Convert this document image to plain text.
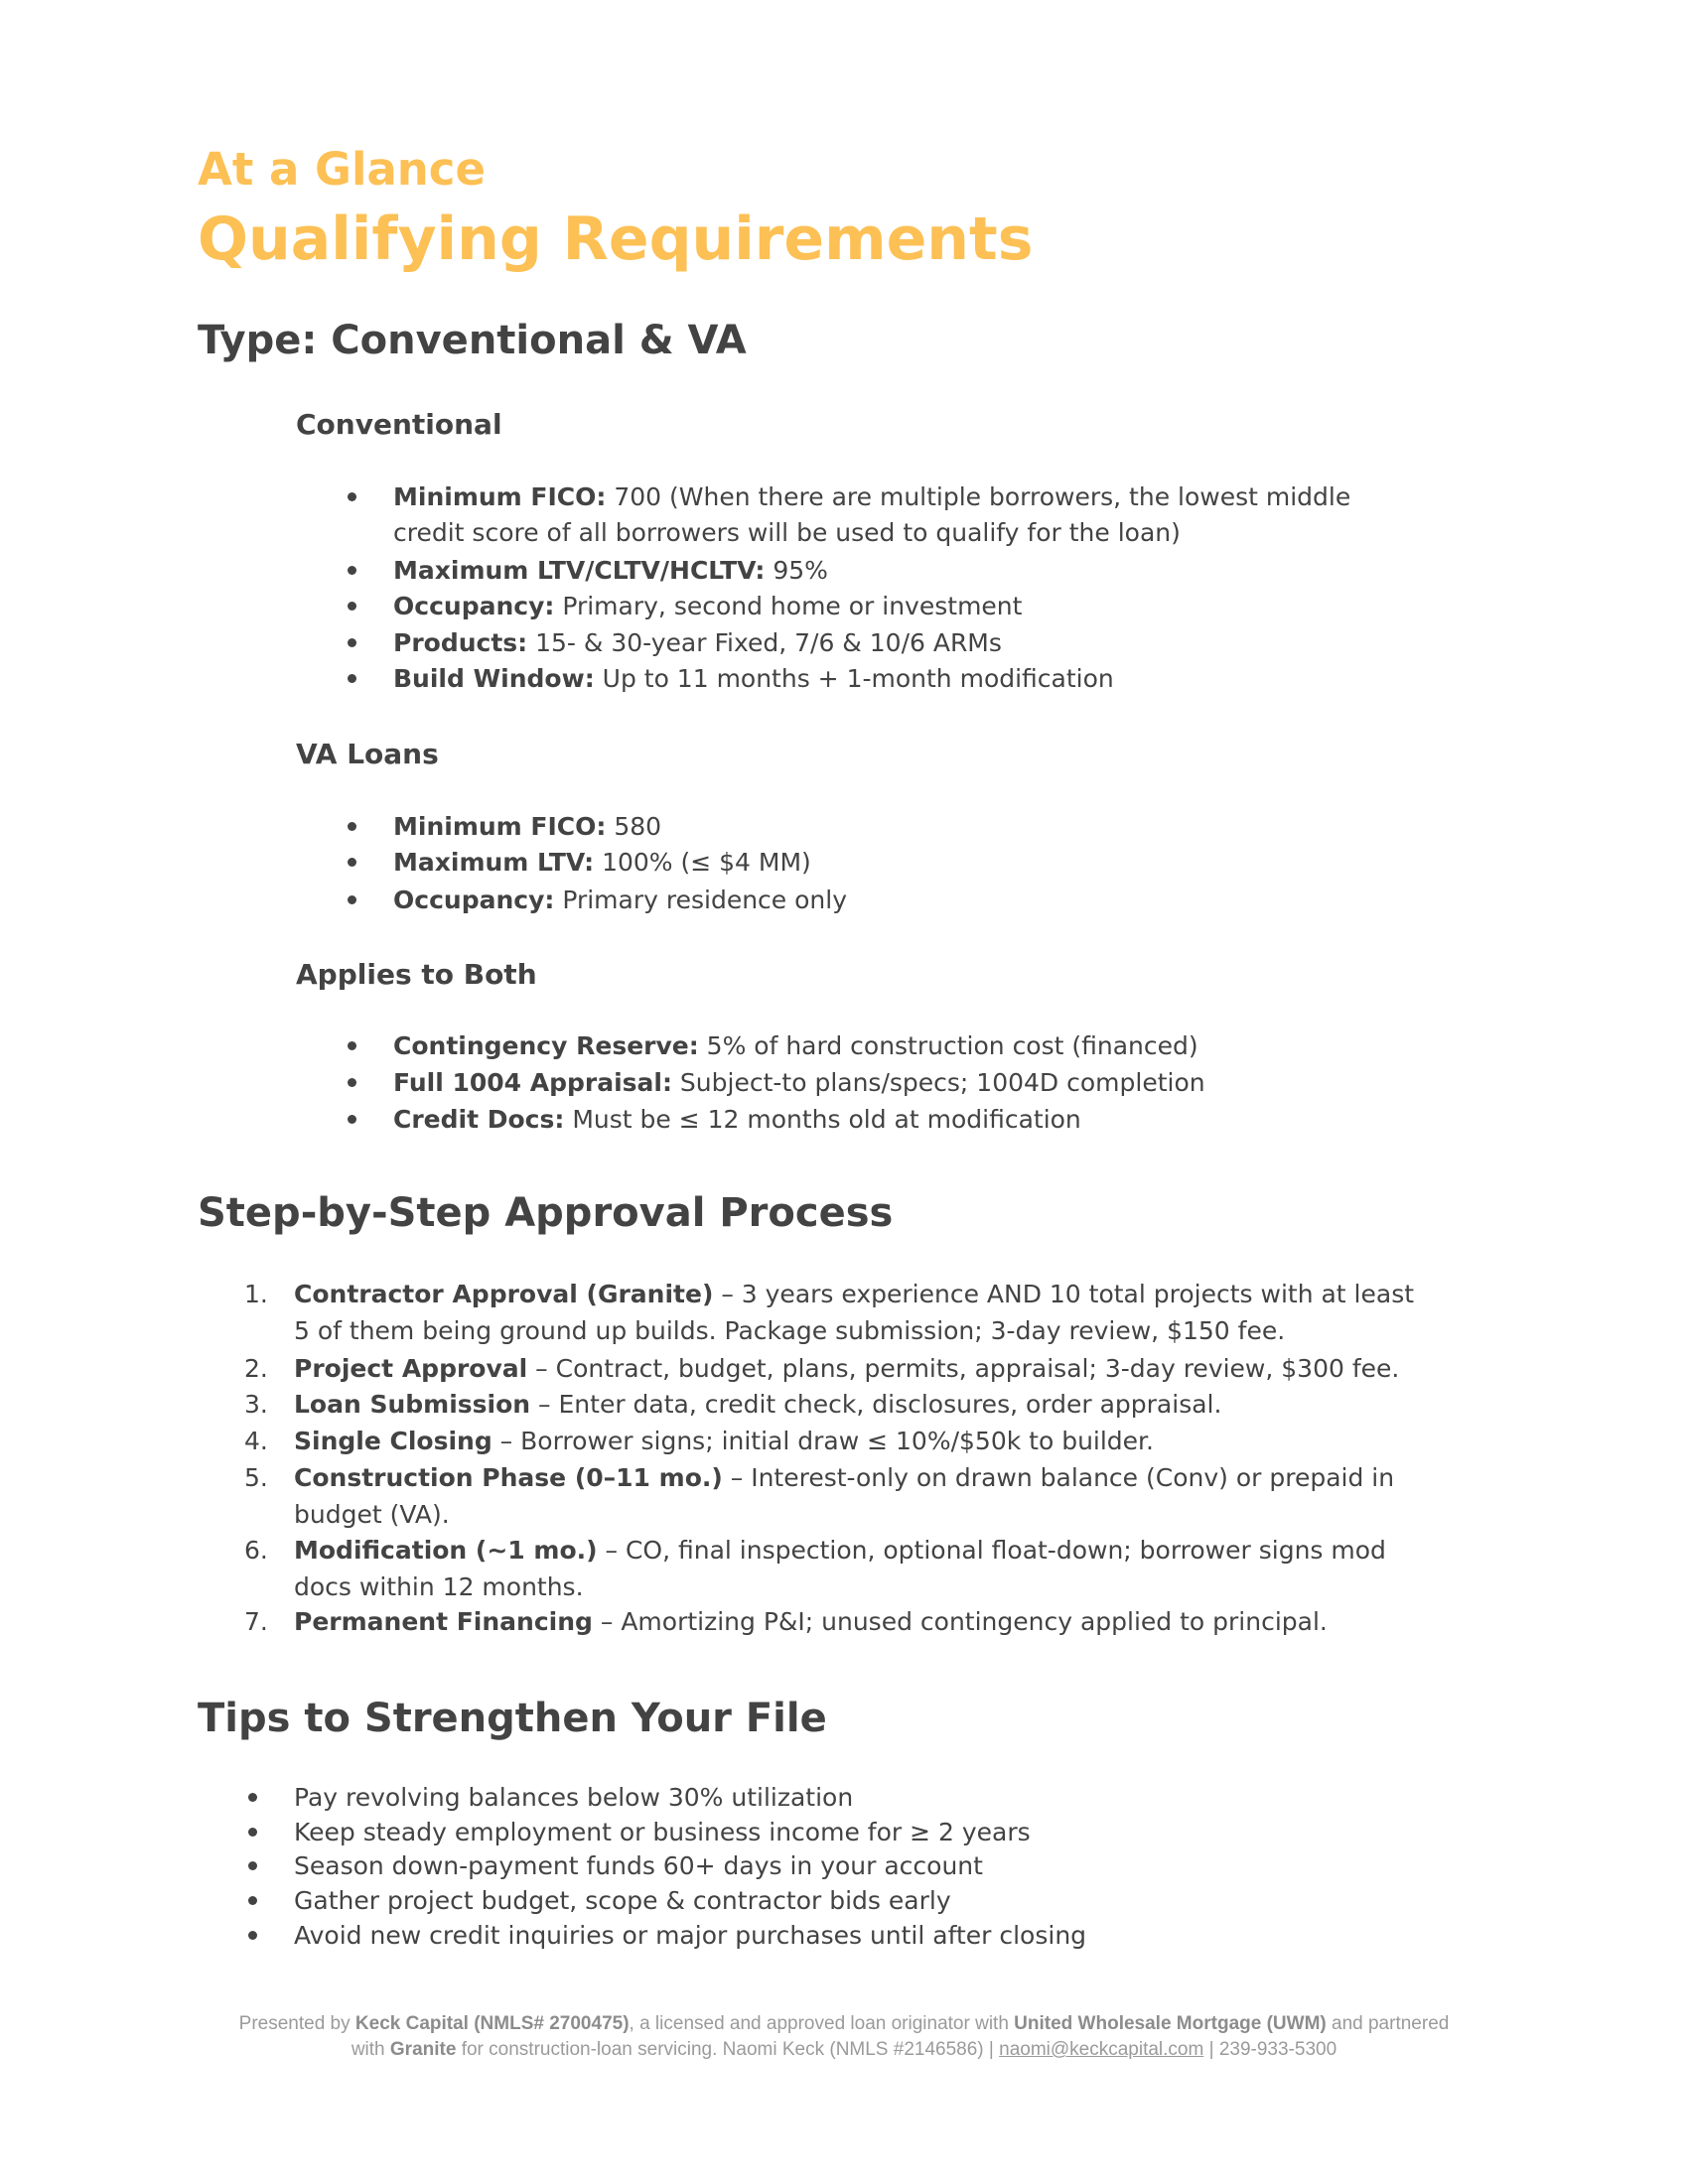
At a Glance
Qualifying Requirements
Type: Conventional & VA
Conventional
Minimum FICO: 700 (When there are multiple borrowers, the lowest middle
credit score of all borrowers will be used to qualify for the loan)
Maximum LTV/CLTV/HCLTV: 95%
Occupancy: Primary, second home or investment
Products: 15- & 30-year Fixed, 7/6 & 10/6 ARMs
Build Window: Up to 11 months + 1-month modification
VA Loans
Minimum FICO: 580
Maximum LTV: 100% (≤ $4 MM)
Occupancy: Primary residence only
Applies to Both
Contingency Reserve: 5% of hard construction cost (financed)
Full 1004 Appraisal: Subject-to plans/specs; 1004D completion
Credit Docs: Must be ≤ 12 months old at modification
Step-by-Step Approval Process
1. Contractor Approval (Granite) – 3 years experience AND 10 total projects with at least
5 of them being ground up builds. Package submission; 3-day review, $150 fee.
2. Project Approval – Contract, budget, plans, permits, appraisal; 3-day review, $300 fee.
3. Loan Submission – Enter data, credit check, disclosures, order appraisal.
4. Single Closing – Borrower signs; initial draw ≤ 10%/$50k to builder.
5. Construction Phase (0–11 mo.) – Interest-only on drawn balance (Conv) or prepaid in
budget (VA).
6. Modification (~1 mo.) – CO, final inspection, optional float-down; borrower signs mod
docs within 12 months.
7. Permanent Financing – Amortizing P&I; unused contingency applied to principal.
Tips to Strengthen Your File
Pay revolving balances below 30% utilization
Keep steady employment or business income for ≥ 2 years
Season down-payment funds 60+ days in your account
Gather project budget, scope & contractor bids early
Avoid new credit inquiries or major purchases until after closing
Presented by Keck Capital (NMLS# 2700475), a licensed and approved loan originator with United Wholesale Mortgage (UWM) and partnered
with Granite for construction-loan servicing. Naomi Keck (NMLS #2146586) | naomi@keckcapital.com | 239-933-5300
